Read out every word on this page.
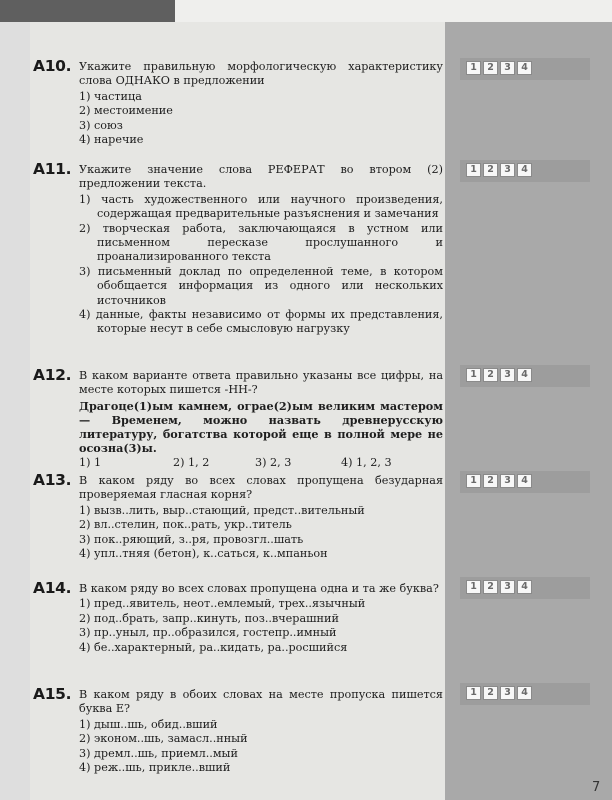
1	2	3	4
1	2	3	4
1	2	3	4
1	2	3	4
1	2	3	4
1	2	3	4
A10. Укажите правильную морфологическую характеристику слова ОДНАКО в предложении

1) частица
2) местоимение
3) союз
4) наречие
A11. Укажите значение слова РЕФЕРАТ во втором (2) предложении текста.

1) часть художественного или научного произведения, содержащая предварительные разъяснения и замечания
2) творческая работа, заключающаяся в устном или письменном пересказе прослушанного и проанализированного текста
3) письменный доклад по определенной теме, в котором обобщается информация из одного или нескольких источников
4) данные, факты независимо от формы их представления, которые несут в себе смысловую нагрузку
A12. В каком варианте ответа правильно указаны все цифры, на месте которых пишется -НН-?

Драгоце(1)ым камнем, ограе(2)ым великим мастером — Временем, можно назвать древнерусскую литературу, богатства которой еще в полной мере не осозна(3)ы.

1) 1	2) 1, 2	3) 2, 3	4) 1, 2, 3
A13. В каком ряду во всех словах пропущена безударная проверяемая гласная корня?

1) вызв..лить, выр..стающий, предст..вительный
2) вл..стелин, пок..рать, укр..титель
3) пок..ряющий, з..ря, провозгл..шать
4) упл..тняя (бетон), к..саться, к..мпаньон
A14. В каком ряду во всех словах пропущена одна и та же буква?

1) пред..явитель, неот..емлемый, трех..язычный
2) под..брать, запр..кинуть, поз..вчерашний
3) пр..уныл, пр..образился, гостепр..имный
4) бе..характерный, ра..кидать, ра..росшийся
A15. В каком ряду в обоих словах на месте пропуска пишется буква Е?

1) дыш..шь, обид..вший
2) эконом..шь, замасл..нный
3) дремл..шь, приемл..мый
4) реж..шь, прикле..вший
7
